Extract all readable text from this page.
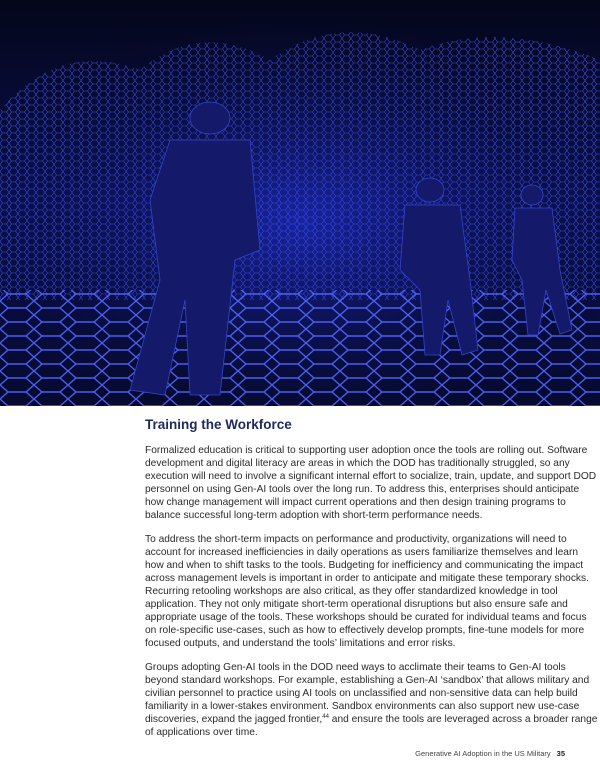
Training the Workforce
Formalized education is critical to supporting user adoption once the tools are rolling out. Software
development and digital literacy are areas in which the DOD has traditionally struggled, so any
execution will need to involve a significant internal effort to socialize, train, update, and support DOD
personnel on using Gen-AI tools over the long run. To address this, enterprises should anticipate
how change management will impact current operations and then design training programs to
balance successful long-term adoption with short-term performance needs.
To address the short-term impacts on performance and productivity, organizations will need to
account for increased inefficiencies in daily operations as users familiarize themselves and learn
how and when to shift tasks to the tools. Budgeting for inefficiency and communicating the impact
across management levels is important in order to anticipate and mitigate these temporary shocks.
Recurring retooling workshops are also critical, as they offer standardized knowledge in tool
application. They not only mitigate short-term operational disruptions but also ensure safe and
appropriate usage of the tools. These workshops should be curated for individual teams and focus
on role-specific use-cases, such as how to effectively develop prompts, fine-tune models for more
focused outputs, and understand the tools’ limitations and error risks.
Groups adopting Gen-AI tools in the DOD need ways to acclimate their teams to Gen-AI tools
beyond standard workshops. For example, establishing a Gen-AI ‘sandbox’ that allows military and
civilian personnel to practice using AI tools on unclassified and non-sensitive data can help build
familiarity in a lower-stakes environment. Sandbox environments can also support new use-case
discoveries, expand the jagged frontier,$^{44}$ and ensure the tools are leveraged across a broader range
of applications over time.
Generative AI Adoption in the US Military 35
